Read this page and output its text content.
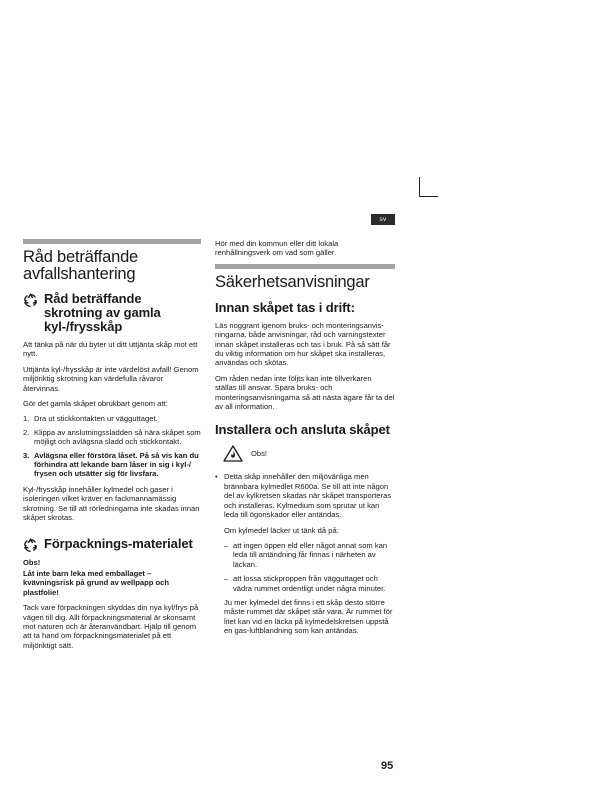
sv
Råd beträffande avfallshantering
Råd beträffande skrotning av gamla kyl-/frysskåp

Att tänka på när du byter ut ditt uttjänta skåp mot ett nytt.

Uttjänta kyl-/frysskåp är inte värdelöst avfall! Genom miljöriktig skrotning kan värdefulla råvaror återvinnas.

Gör det gamla skåpet obrukbart genom att:

1. Dra ut stickkontakten ur vägguttaget.
2. Klippa av anslutningssladden så nära skåpet som möjligt och avlägsna sladd och stickkontakt.
3. Avlägsna eller förstöra låset. På så vis kan du förhindra att lekande barn låser in sig i kyl-/ frysen och utsätter sig för livsfara.

Kyl-/frysskåp innehåller kylmedel och gaser i isoleringen vilket kräver en fackmannamässig skrotning. Se till att rörledningarna inte skadas innan skåpet skrotas.

Förpacknings-materialet

Obs!

Låt inte barn leka med emballaget – kvävningsrisk på grund av wellpapp och plastfolie!

Tack vare förpackningen skyddas din nya kyl/frys på vägen till dig. Allt förpackningsmaterial är skonsamt mot naturen och är återanvändbart. Hjälp till genom att ta hand om förpackningsmaterialet på ett miljöriktigt sätt.

Hör med din kommun eller ditt lokala renhållningsverk om vad som gäller.

Säkerhetsanvisningar
Innan skåpet tas i drift:

Läs noggrant igenom bruks- och monteringsanvis- ningarna, både anvisningar, råd och varningstexter innan skåpet installeras och tas i bruk. På så sätt får du viktig information om hur skåpet ska installeras, användas och skötas.

Om råden nedan inte följts kan inte tillverkaren ställas till ansvar. Spara bruks- och monteringsanvisningarna så att nästa ägare får ta del av all information.

Installera och ansluta skåpet
Obs!
• Detta skåp innehåller den miljövänliga men brännbara kylmedlet R600a. Se till att inte någon del av kylkretsen skadas när skåpet transporteras och installeras. Kylmedium som sprutar ut kan leda till ögonskador eller antändas.

Om kylmedel läcker ut tänk då på:

– att ingen öppen eld eller något annat som kan leda till antändning får finnas i närheten av läckan.
– att lossa stickproppen från vägguttaget och vädra rummet ordentligt under några minuter.

Ju mer kylmedel det finns i ett skåp desto större måste rummet där skåpet står vara. Är rummet för litet kan vid en läcka på kylmedelskretsen uppstå en gas-luftblandning som kan antändas.

95
